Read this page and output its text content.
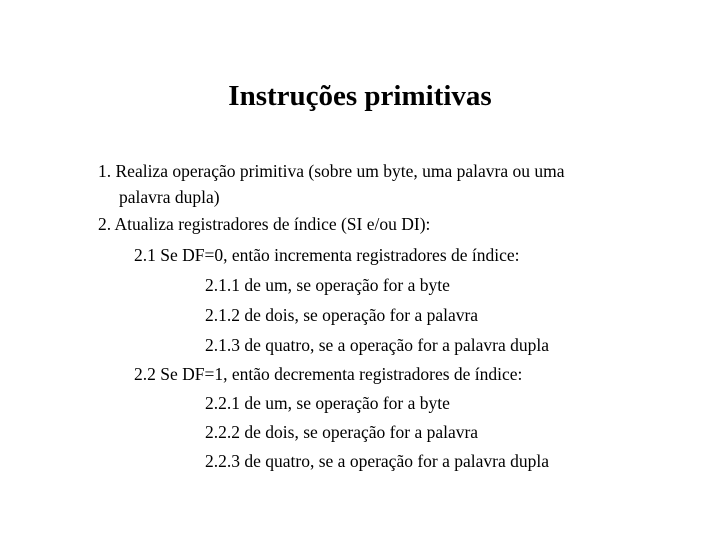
Instruções primitivas
1. Realiza operação primitiva (sobre um byte, uma palavra ou uma
palavra dupla)
2. Atualiza registradores de índice (SI e/ou DI):
2.1 Se DF=0, então incrementa registradores de índice:
2.1.1 de um, se operação for a byte
2.1.2 de dois, se operação for a palavra
2.1.3 de quatro, se a operação for a palavra dupla
2.2 Se DF=1, então decrementa registradores de índice:
2.2.1 de um, se operação for a byte
2.2.2 de dois, se operação for a palavra
2.2.3 de quatro, se a operação for a palavra dupla
